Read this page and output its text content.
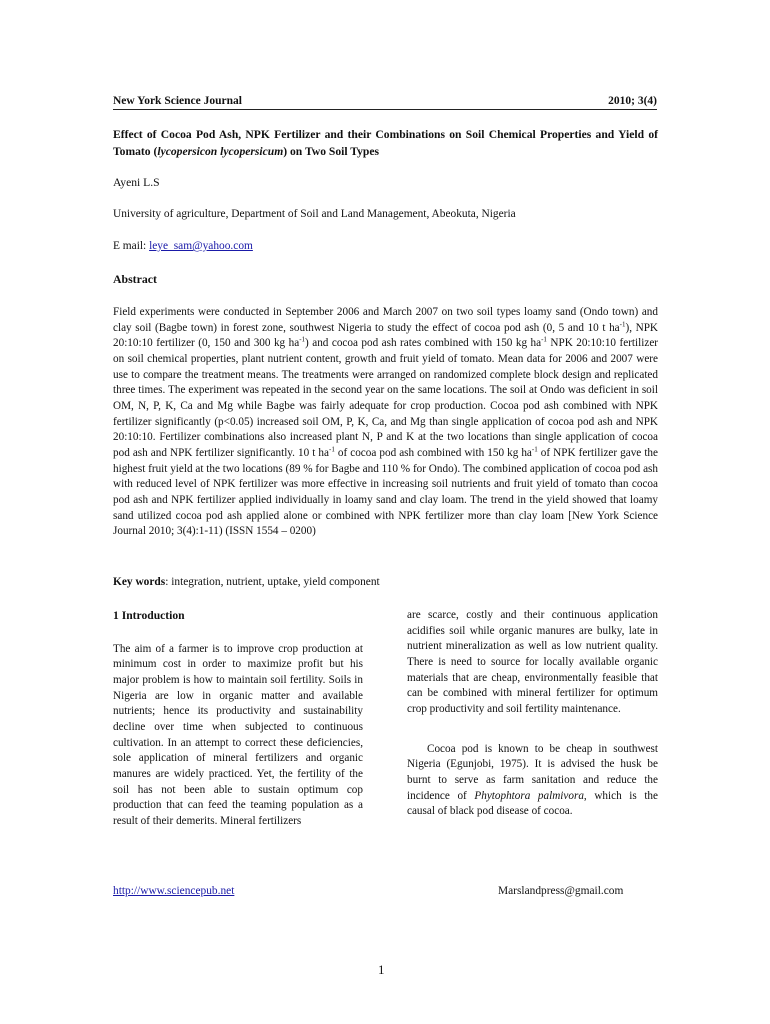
New York Science Journal	2010; 3(4)
Effect of Cocoa Pod Ash, NPK Fertilizer and their Combinations on Soil Chemical Properties and Yield of Tomato (lycopersicon lycopersicum) on Two Soil Types
Ayeni L.S
University of agriculture, Department of Soil and Land Management, Abeokuta, Nigeria
E mail: leye_sam@yahoo.com
Abstract
Field experiments were conducted in September 2006 and March 2007 on two soil types loamy sand (Ondo town) and clay soil (Bagbe town) in forest zone, southwest Nigeria to study the effect of cocoa pod ash (0, 5 and 10 t $ha^{-1}$), NPK 20:10:10 fertilizer (0, 150 and 300 kg $ha^{-1}$) and cocoa pod ash rates combined with 150 kg $ha^{-1}$ NPK 20:10:10 fertilizer on soil chemical properties, plant nutrient content, growth and fruit yield of tomato. Mean data for 2006 and 2007 were use to compare the treatment means. The treatments were arranged on randomized complete block design and replicated three times. The experiment was repeated in the second year on the same locations. The soil at Ondo was deficient in soil OM, N, P, K, Ca and Mg while Bagbe was fairly adequate for crop production. Cocoa pod ash combined with NPK fertilizer significantly (p<0.05) increased soil OM, P, K, Ca, and Mg than single application of cocoa pod ash and NPK 20:10:10. Fertilizer combinations also increased plant N, P and K at the two locations than single application of cocoa pod ash and NPK fertilizer significantly. 10 t $ha^{-1}$ of cocoa pod ash combined with 150 kg $ha^{-1}$ of NPK fertilizer gave the highest fruit yield at the two locations (89 % for Bagbe and 110 % for Ondo). The combined application of cocoa pod ash with reduced level of NPK fertilizer was more effective in increasing soil nutrients and fruit yield of tomato than cocoa pod ash and NPK fertilizer applied individually in loamy sand and clay loam. The trend in the yield showed that loamy sand utilized cocoa pod ash applied alone or combined with NPK fertilizer more than clay loam [New York Science Journal 2010; 3(4):1-11) (ISSN 1554 – 0200)
Key words: integration, nutrient, uptake, yield component
1 Introduction

The aim of a farmer is to improve crop production at minimum cost in order to maximize profit but his major problem is how to maintain soil fertility. Soils in Nigeria are low in organic matter and available nutrients; hence its productivity and sustainability decline over time when subjected to continuous cultivation. In an attempt to correct these deficiencies, sole application of mineral fertilizers and organic manures are widely practiced. Yet, the fertility of the soil has not been able to sustain optimum cop production that can feed the teaming population as a result of their demerits. Mineral fertilizers

are scarce, costly and their continuous application acidifies soil while organic manures are bulky, late in nutrient mineralization as well as low nutrient quality. There is need to source for locally available organic materials that are cheap, environmentally feasible that can be combined with mineral fertilizer for optimum crop productivity and soil fertility maintenance.

Cocoa pod is known to be cheap in southwest Nigeria (Egunjobi, 1975). It is advised the husk be burnt to serve as farm sanitation and reduce the incidence of Phytophtora palmivora, which is the causal of black pod disease of cocoa.

http://www.sciencepub.net	Marslandpress@gmail.com
1
